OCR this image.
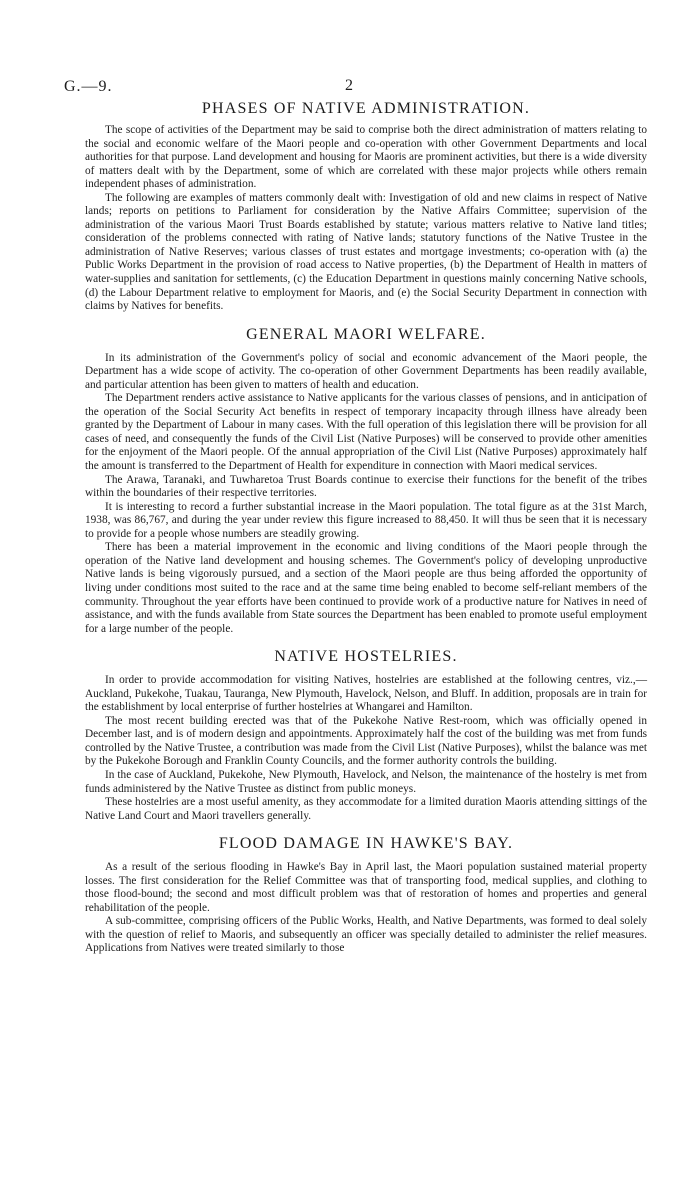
G.—9.	2
PHASES OF NATIVE ADMINISTRATION.

The scope of activities of the Department may be said to comprise both the direct administration of matters relating to the social and economic welfare of the Maori people and co-operation with other Government Departments and local authorities for that purpose. Land development and housing for Maoris are prominent activities, but there is a wide diversity of matters dealt with by the Department, some of which are correlated with these major projects while others remain independent phases of administration.

The following are examples of matters commonly dealt with: Investigation of old and new claims in respect of Native lands; reports on petitions to Parliament for consideration by the Native Affairs Committee; supervision of the administration of the various Maori Trust Boards established by statute; various matters relative to Native land titles; consideration of the problems connected with rating of Native lands; statutory functions of the Native Trustee in the administration of Native Reserves; various classes of trust estates and mortgage investments; co-operation with (a) the Public Works Department in the provision of road access to Native properties, (b) the Department of Health in matters of water-supplies and sanitation for settlements, (c) the Education Department in questions mainly concerning Native schools, (d) the Labour Department relative to employment for Maoris, and (e) the Social Security Department in connection with claims by Natives for benefits.

GENERAL MAORI WELFARE.

In its administration of the Government's policy of social and economic advancement of the Maori people, the Department has a wide scope of activity. The co-operation of other Government Departments has been readily available, and particular attention has been given to matters of health and education.

The Department renders active assistance to Native applicants for the various classes of pensions, and in anticipation of the operation of the Social Security Act benefits in respect of temporary incapacity through illness have already been granted by the Department of Labour in many cases. With the full operation of this legislation there will be provision for all cases of need, and consequently the funds of the Civil List (Native Purposes) will be conserved to provide other amenities for the enjoyment of the Maori people. Of the annual appropriation of the Civil List (Native Purposes) approximately half the amount is transferred to the Department of Health for expenditure in connection with Maori medical services.

The Arawa, Taranaki, and Tuwharetoa Trust Boards continue to exercise their functions for the benefit of the tribes within the boundaries of their respective territories.

It is interesting to record a further substantial increase in the Maori population. The total figure as at the 31st March, 1938, was 86,767, and during the year under review this figure increased to 88,450. It will thus be seen that it is necessary to provide for a people whose numbers are steadily growing.

There has been a material improvement in the economic and living conditions of the Maori people through the operation of the Native land development and housing schemes. The Government's policy of developing unproductive Native lands is being vigorously pursued, and a section of the Maori people are thus being afforded the opportunity of living under conditions most suited to the race and at the same time being enabled to become self-reliant members of the community. Throughout the year efforts have been continued to provide work of a productive nature for Natives in need of assistance, and with the funds available from State sources the Department has been enabled to promote useful employment for a large number of the people.

NATIVE HOSTELRIES.

In order to provide accommodation for visiting Natives, hostelries are established at the following centres, viz.,—Auckland, Pukekohe, Tuakau, Tauranga, New Plymouth, Havelock, Nelson, and Bluff. In addition, proposals are in train for the establishment by local enterprise of further hostelries at Whangarei and Hamilton.

The most recent building erected was that of the Pukekohe Native Rest-room, which was officially opened in December last, and is of modern design and appointments. Approximately half the cost of the building was met from funds controlled by the Native Trustee, a contribution was made from the Civil List (Native Purposes), whilst the balance was met by the Pukekohe Borough and Franklin County Councils, and the former authority controls the building.

In the case of Auckland, Pukekohe, New Plymouth, Havelock, and Nelson, the maintenance of the hostelry is met from funds administered by the Native Trustee as distinct from public moneys.

These hostelries are a most useful amenity, as they accommodate for a limited duration Maoris attending sittings of the Native Land Court and Maori travellers generally.

FLOOD DAMAGE IN HAWKE'S BAY.

As a result of the serious flooding in Hawke's Bay in April last, the Maori population sustained material property losses. The first consideration for the Relief Committee was that of transporting food, medical supplies, and clothing to those flood-bound; the second and most difficult problem was that of restoration of homes and properties and general rehabilitation of the people.

A sub-committee, comprising officers of the Public Works, Health, and Native Departments, was formed to deal solely with the question of relief to Maoris, and subsequently an officer was specially detailed to administer the relief measures. Applications from Natives were treated similarly to those
